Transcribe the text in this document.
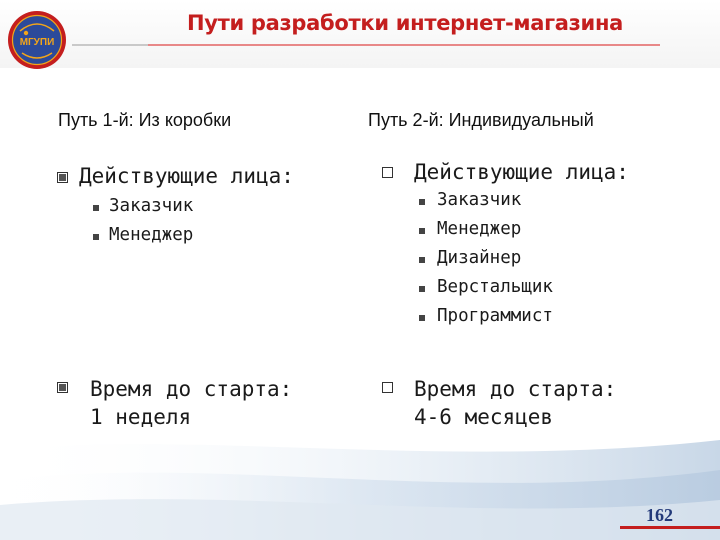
МГУПИ
Пути разработки интернет-магазина
Путь 1-й: Из коробки	Путь 2-й: Индивидуальный
Действующие лица:
Заказчик
Менеджер
Время до старта:
1 неделя
Действующие лица:
Заказчик
Менеджер
Дизайнер
Верстальщик
Программист
Время до старта:
4-6 месяцев
162
